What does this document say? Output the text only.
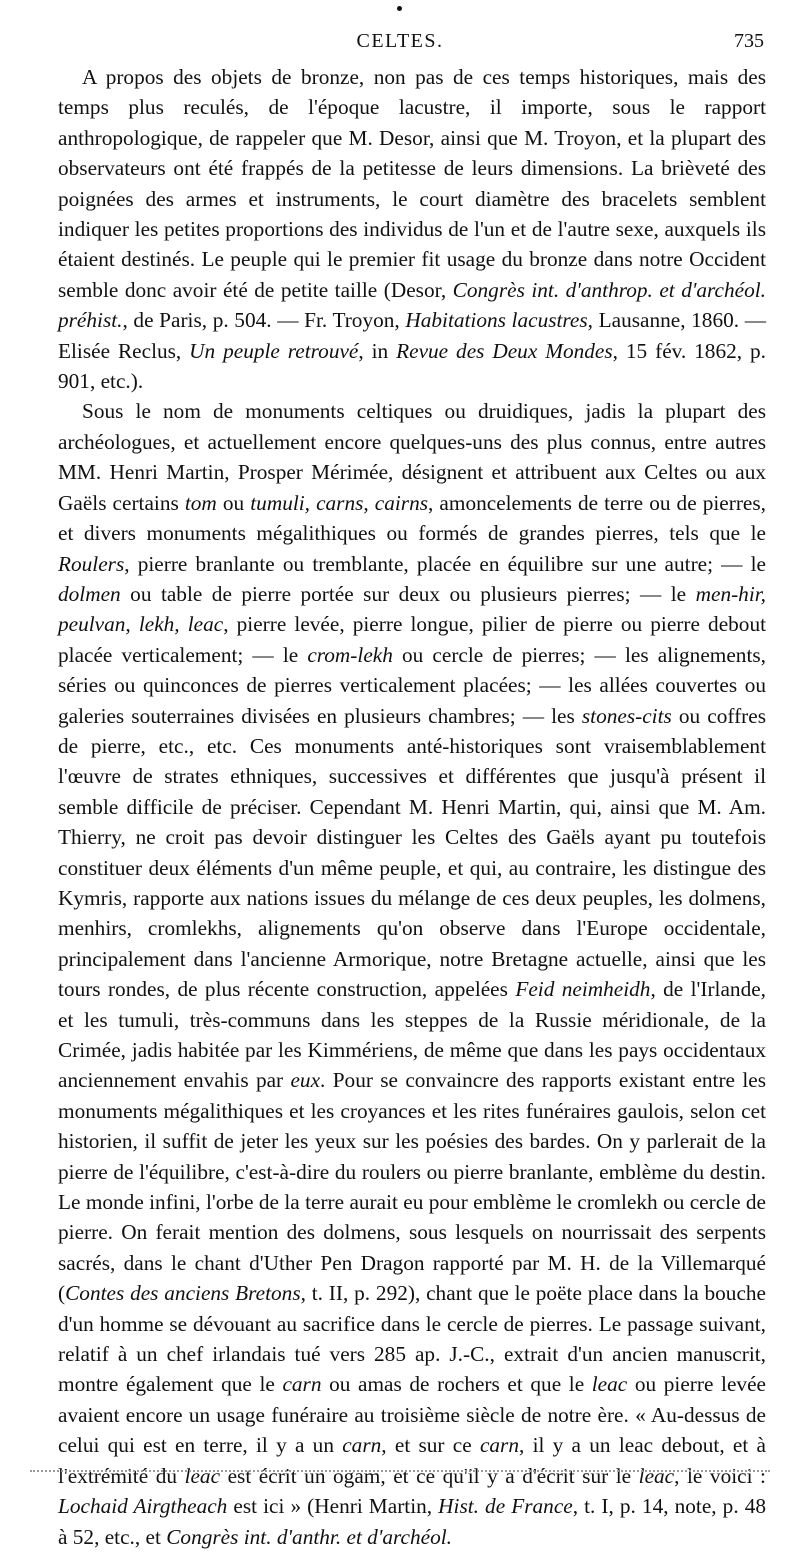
CELTES.	735

A propos des objets de bronze, non pas de ces temps historiques, mais des temps plus reculés, de l'époque lacustre, il importe, sous le rapport anthropologique, de rappeler que M. Desor, ainsi que M. Troyon, et la plupart des observateurs ont été frappés de la petitesse de leurs dimensions. La brièveté des poignées des armes et instruments, le court diamètre des bracelets semblent indiquer les petites proportions des individus de l'un et de l'autre sexe, auxquels ils étaient destinés. Le peuple qui le premier fit usage du bronze dans notre Occident semble donc avoir été de petite taille (Desor, Congrès int. d'anthrop. et d'archéol. préhist., de Paris, p. 504. — Fr. Troyon, Habitations lacustres, Lausanne, 1860. — Elisée Reclus, Un peuple retrouvé, in Revue des Deux Mondes, 15 fév. 1862, p. 901, etc.).

Sous le nom de monuments celtiques ou druidiques, jadis la plupart des archéologues, et actuellement encore quelques-uns des plus connus, entre autres MM. Henri Martin, Prosper Mérimée, désignent et attribuent aux Celtes ou aux Gaëls certains tom ou tumuli, carns, cairns, amoncelements de terre ou de pierres, et divers monuments mégalithiques ou formés de grandes pierres, tels que le Roulers, pierre branlante ou tremblante, placée en équilibre sur une autre; — le dolmen ou table de pierre portée sur deux ou plusieurs pierres; — le men-hir, peulvan, lekh, leac, pierre levée, pierre longue, pilier de pierre ou pierre debout placée verticalement; — le crom-lekh ou cercle de pierres; — les alignements, séries ou quinconces de pierres verticalement placées; — les allées couvertes ou galeries souterraines divisées en plusieurs chambres; — les stones-cits ou coffres de pierre, etc., etc. Ces monuments anté-historiques sont vraisemblablement l'œuvre de strates ethniques, successives et différentes que jusqu'à présent il semble difficile de préciser. Cependant M. Henri Martin, qui, ainsi que M. Am. Thierry, ne croit pas devoir distinguer les Celtes des Gaëls ayant pu toutefois constituer deux éléments d'un même peuple, et qui, au contraire, les distingue des Kymris, rapporte aux nations issues du mélange de ces deux peuples, les dolmens, menhirs, cromlekhs, alignements qu'on observe dans l'Europe occidentale, principalement dans l'ancienne Armorique, notre Bretagne actuelle, ainsi que les tours rondes, de plus récente construction, appelées Feid neimheidh, de l'Irlande, et les tumuli, très-communs dans les steppes de la Russie méridionale, de la Crimée, jadis habitée par les Kimmériens, de même que dans les pays occidentaux anciennement envahis par eux. Pour se convaincre des rapports existant entre les monuments mégalithiques et les croyances et les rites funéraires gaulois, selon cet historien, il suffit de jeter les yeux sur les poésies des bardes. On y parlerait de la pierre de l'équilibre, c'est-à-dire du roulers ou pierre branlante, emblème du destin. Le monde infini, l'orbe de la terre aurait eu pour emblème le cromlekh ou cercle de pierre. On ferait mention des dolmens, sous lesquels on nourrissait des serpents sacrés, dans le chant d'Uther Pen Dragon rapporté par M. H. de la Villemarqué (Contes des anciens Bretons, t. II, p. 292), chant que le poëte place dans la bouche d'un homme se dévouant au sacrifice dans le cercle de pierres. Le passage suivant, relatif à un chef irlandais tué vers 285 ap. J.-C., extrait d'un ancien manuscrit, montre également que le carn ou amas de rochers et que le leac ou pierre levée avaient encore un usage funéraire au troisième siècle de notre ère. « Au-dessus de celui qui est en terre, il y a un carn, et sur ce carn, il y a un leac debout, et à l'extrémité du leac est écrit un ogam, et ce qu'il y a d'écrit sur le leac, le voici : Lochaid Airgtheach est ici » (Henri Martin, Hist. de France, t. I, p. 14, note, p. 48 à 52, etc., et Congrès int. d'anthr. et d'archéol.
